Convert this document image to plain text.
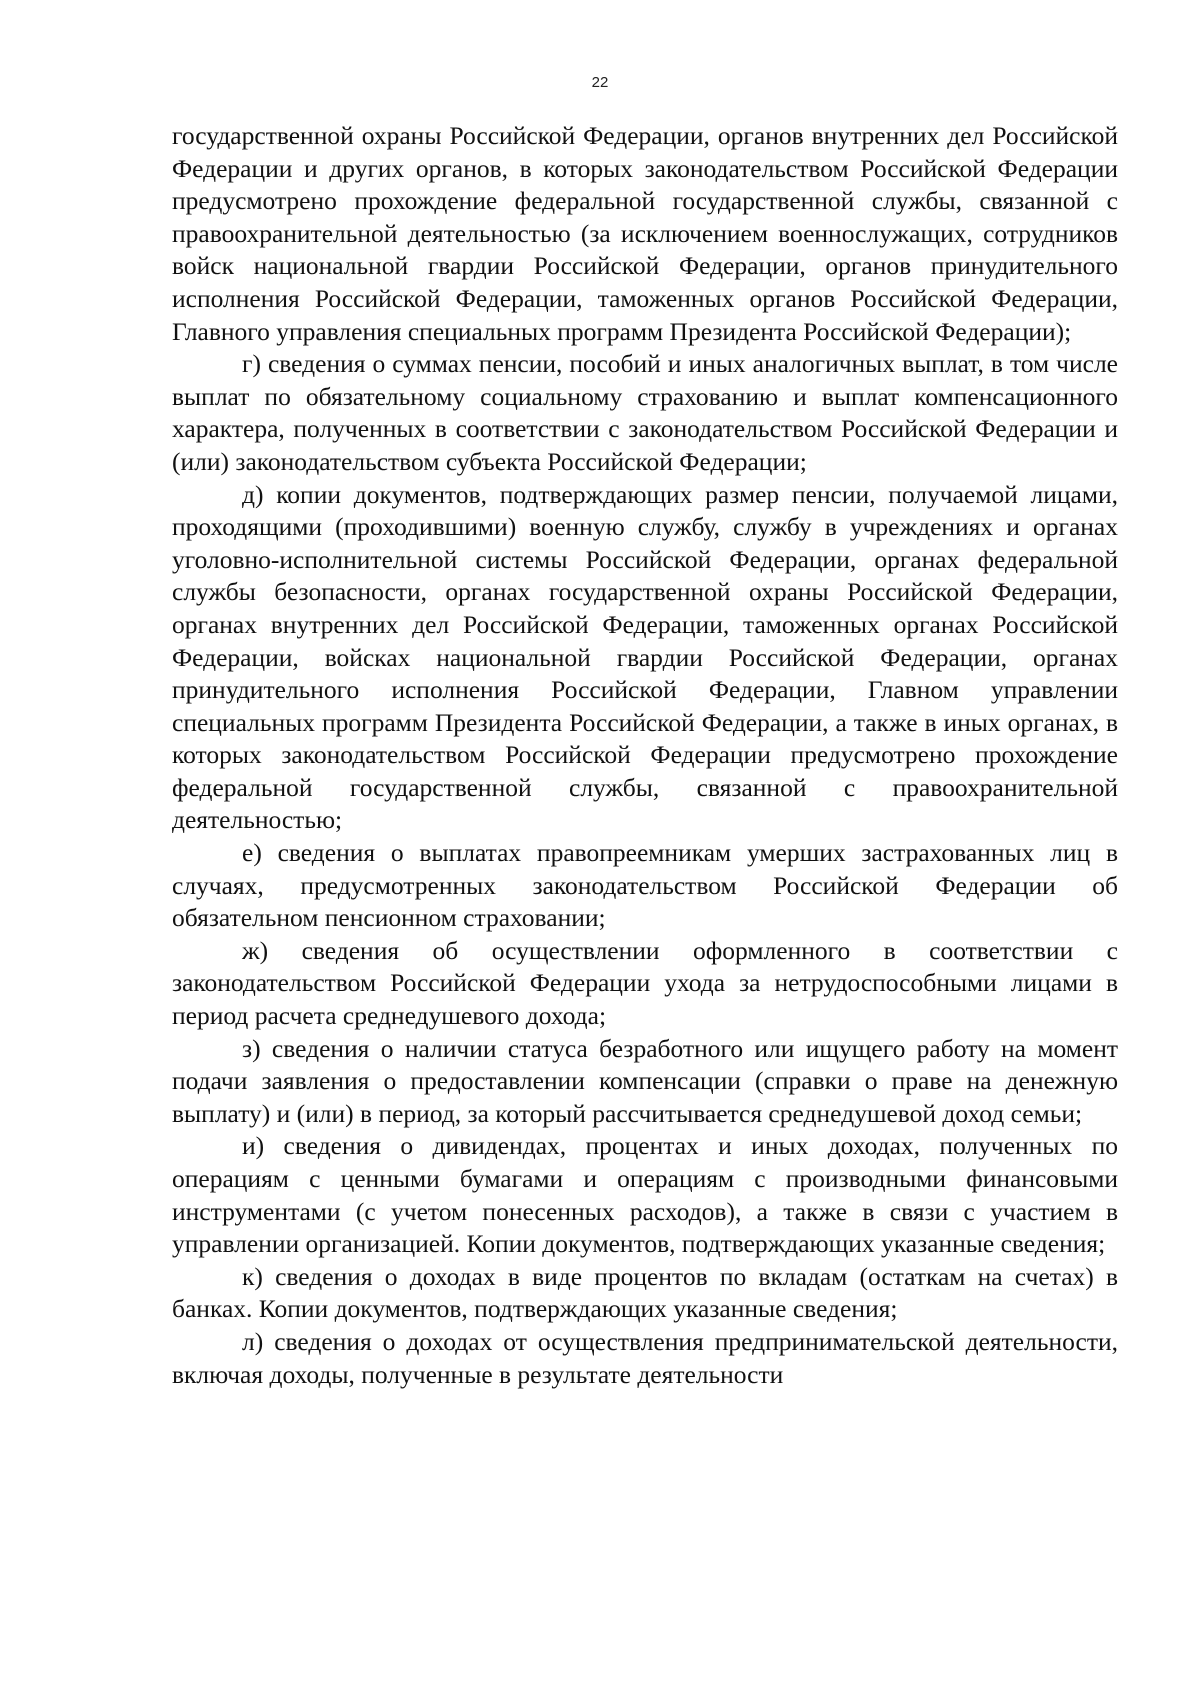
22

государственной охраны Российской Федерации, органов внутренних дел Российской Федерации и других органов, в которых законодательством Российской Федерации предусмотрено прохождение федеральной государственной службы, связанной с правоохранительной деятельностью (за исключением военнослужащих, сотрудников войск национальной гвардии Российской Федерации, органов принудительного исполнения Российской Федерации, таможенных органов Российской Федерации, Главного управления специальных программ Президента Российской Федерации);

г) сведения о суммах пенсии, пособий и иных аналогичных выплат, в том числе выплат по обязательному социальному страхованию и выплат компенсационного характера, полученных в соответствии с законодательством Российской Федерации и (или) законодательством субъекта Российской Федерации;

д) копии документов, подтверждающих размер пенсии, получаемой лицами, проходящими (проходившими) военную службу, службу в учреждениях и органах уголовно-исполнительной системы Российской Федерации, органах федеральной службы безопасности, органах государственной охраны Российской Федерации, органах внутренних дел Российской Федерации, таможенных органах Российской Федерации, войсках национальной гвардии Российской Федерации, органах принудительного исполнения Российской Федерации, Главном управлении специальных программ Президента Российской Федерации, а также в иных органах, в которых законодательством Российской Федерации предусмотрено прохождение федеральной государственной службы, связанной с правоохранительной деятельностью;

е) сведения о выплатах правопреемникам умерших застрахованных лиц в случаях, предусмотренных законодательством Российской Федерации об обязательном пенсионном страховании;

ж) сведения об осуществлении оформленного в соответствии с законодательством Российской Федерации ухода за нетрудоспособными лицами в период расчета среднедушевого дохода;

з) сведения о наличии статуса безработного или ищущего работу на момент подачи заявления о предоставлении компенсации (справки о праве на денежную выплату) и (или) в период, за который рассчитывается среднедушевой доход семьи;

и) сведения о дивидендах, процентах и иных доходах, полученных по операциям с ценными бумагами и операциям с производными финансовыми инструментами (с учетом понесенных расходов), а также в связи с участием в управлении организацией. Копии документов, подтверждающих указанные сведения;

к) сведения о доходах в виде процентов по вкладам (остаткам на счетах) в банках. Копии документов, подтверждающих указанные сведения;

л) сведения о доходах от осуществления предпринимательской деятельности, включая доходы, полученные в результате деятельности
